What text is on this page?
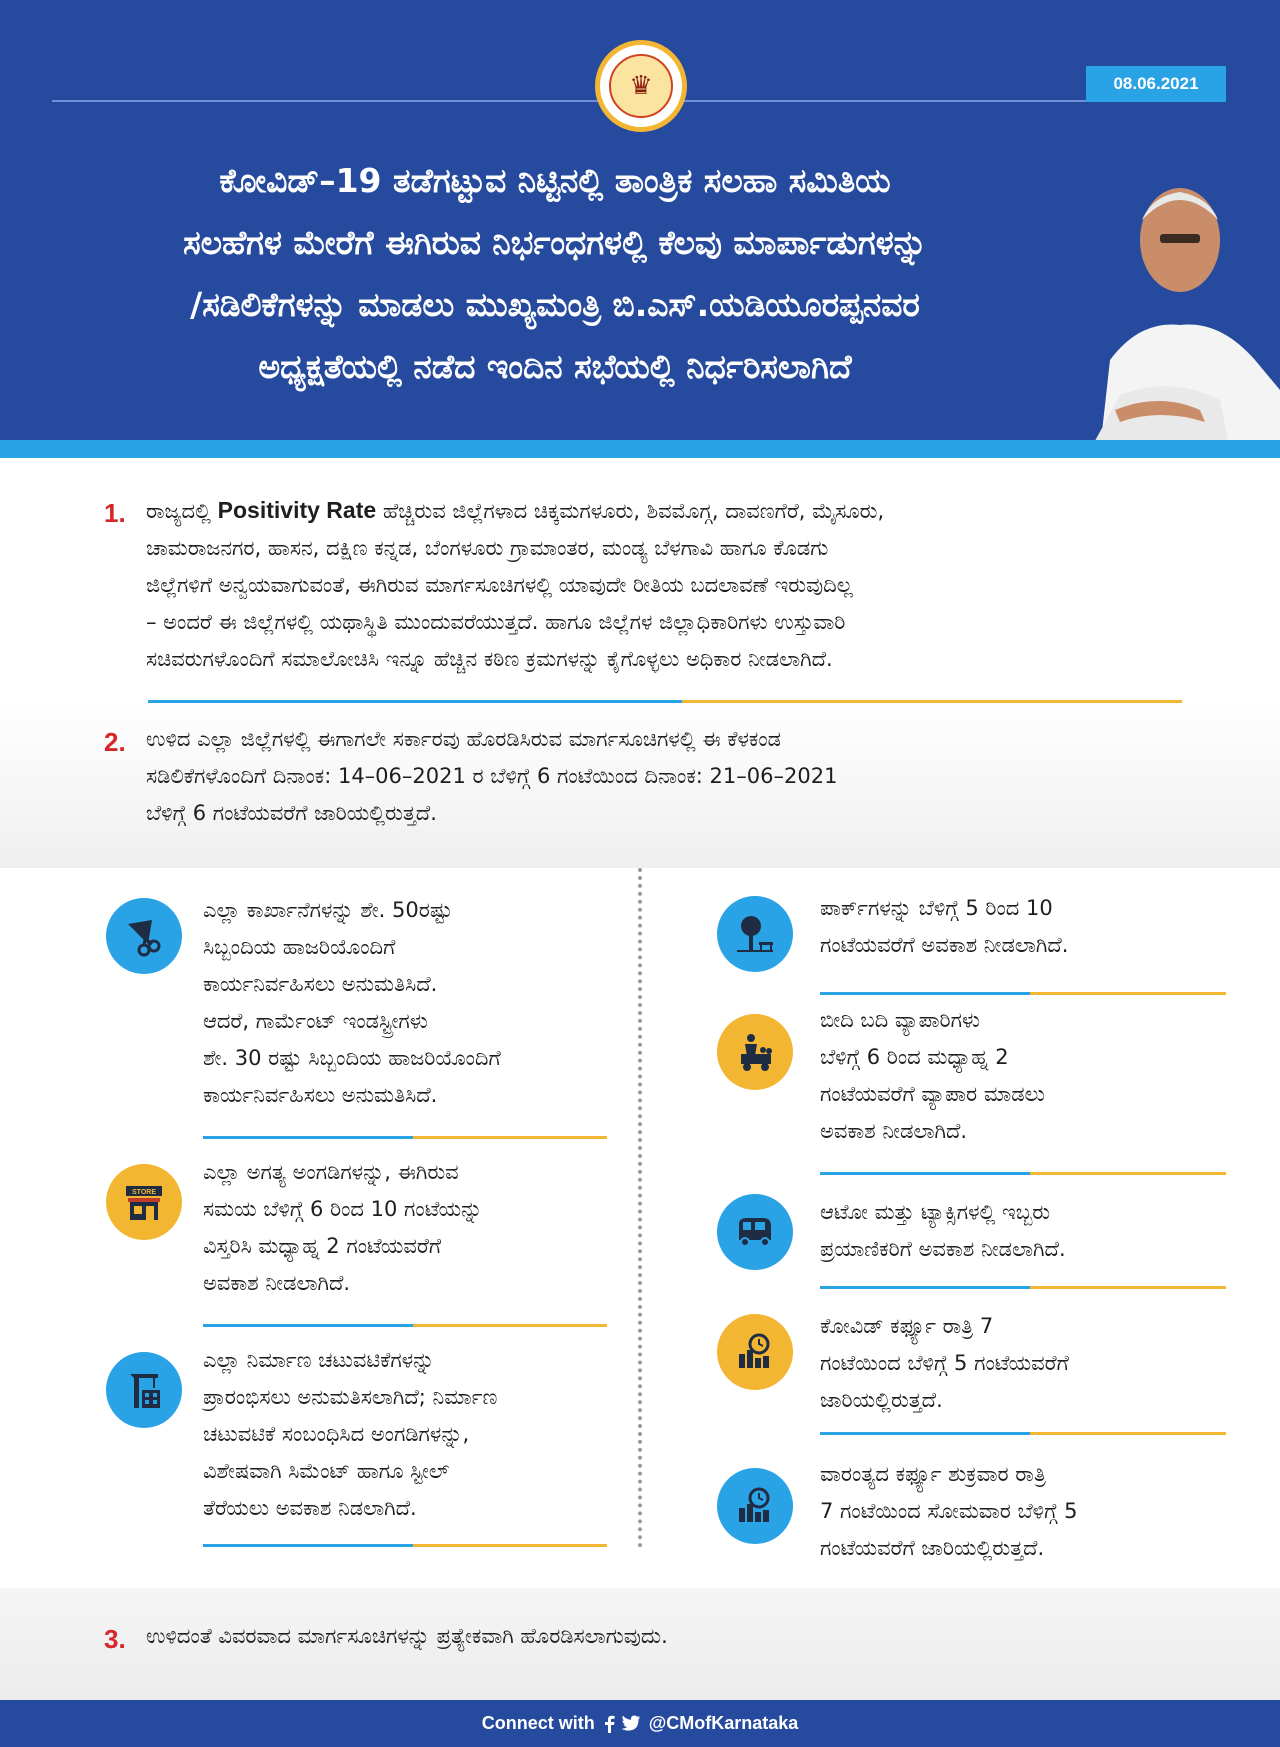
♛	08.06.2021
ಕೋವಿಡ್–19 ತಡೆಗಟ್ಟುವ ನಿಟ್ಟಿನಲ್ಲಿ ತಾಂತ್ರಿಕ ಸಲಹಾ ಸಮಿತಿಯ
ಸಲಹೆಗಳ ಮೇರೆಗೆ ಈಗಿರುವ ನಿರ್ಭಂಧಗಳಲ್ಲಿ ಕೆಲವು ಮಾರ್ಪಾಡುಗಳನ್ನು
/ಸಡಿಲಿಕೆಗಳನ್ನು ಮಾಡಲು ಮುಖ್ಯಮಂತ್ರಿ ಬಿ.ಎಸ್.ಯಡಿಯೂರಪ್ಪನವರ
ಅಧ್ಯಕ್ಷತೆಯಲ್ಲಿ ನಡೆದ ಇಂದಿನ ಸಭೆಯಲ್ಲಿ ನಿರ್ಧರಿಸಲಾಗಿದೆ
1. ರಾಜ್ಯದಲ್ಲಿ Positivity Rate ಹೆಚ್ಚಿರುವ ಜಿಲ್ಲೆಗಳಾದ ಚಿಕ್ಕಮಗಳೂರು, ಶಿವಮೊಗ್ಗ, ದಾವಣಗೆರೆ, ಮೈಸೂರು,
ಚಾಮರಾಜನಗರ, ಹಾಸನ, ದಕ್ಷಿಣ ಕನ್ನಡ, ಬೆಂಗಳೂರು ಗ್ರಾಮಾಂತರ, ಮಂಡ್ಯ ಬೆಳಗಾವಿ ಹಾಗೂ ಕೊಡಗು
ಜಿಲ್ಲೆಗಳಿಗೆ ಅನ್ವಯವಾಗುವಂತೆ, ಈಗಿರುವ ಮಾರ್ಗಸೂಚಿಗಳಲ್ಲಿ ಯಾವುದೇ ರೀತಿಯ ಬದಲಾವಣೆ ಇರುವುದಿಲ್ಲ
– ಅಂದರೆ ಈ ಜಿಲ್ಲೆಗಳಲ್ಲಿ ಯಥಾಸ್ಥಿತಿ ಮುಂದುವರೆಯುತ್ತದೆ. ಹಾಗೂ ಜಿಲ್ಲೆಗಳ ಜಿಲ್ಲಾಧಿಕಾರಿಗಳು ಉಸ್ತುವಾರಿ
ಸಚಿವರುಗಳೊಂದಿಗೆ ಸಮಾಲೋಚಿಸಿ ಇನ್ನೂ ಹೆಚ್ಚಿನ ಕಠಿಣ ಕ್ರಮಗಳನ್ನು ಕೈಗೊಳ್ಳಲು ಅಧಿಕಾರ ನೀಡಲಾಗಿದೆ.
2. ಉಳಿದ ಎಲ್ಲಾ ಜಿಲ್ಲೆಗಳಲ್ಲಿ ಈಗಾಗಲೇ ಸರ್ಕಾರವು ಹೊರಡಿಸಿರುವ ಮಾರ್ಗಸೂಚಿಗಳಲ್ಲಿ ಈ ಕೆಳಕಂಡ
ಸಡಿಲಿಕೆಗಳೊಂದಿಗೆ ದಿನಾಂಕ: 14–06–2021 ರ ಬೆಳಿಗ್ಗೆ 6 ಗಂಟೆಯಿಂದ ದಿನಾಂಕ: 21–06–2021
ಬೆಳಿಗ್ಗೆ 6 ಗಂಟೆಯವರೆಗೆ ಜಾರಿಯಲ್ಲಿರುತ್ತದೆ.
ಎಲ್ಲಾ ಕಾರ್ಖಾನೆಗಳನ್ನು ಶೇ. 50ರಷ್ಟು
ಸಿಬ್ಬಂದಿಯ ಹಾಜರಿಯೊಂದಿಗೆ
ಕಾರ್ಯನಿರ್ವಹಿಸಲು ಅನುಮತಿಸಿದೆ.
ಆದರೆ, ಗಾರ್ಮೆಂಟ್ ಇಂಡಸ್ಟ್ರೀಗಳು
ಶೇ. 30 ರಷ್ಟು ಸಿಬ್ಬಂದಿಯ ಹಾಜರಿಯೊಂದಿಗೆ
ಕಾರ್ಯನಿರ್ವಹಿಸಲು ಅನುಮತಿಸಿದೆ.
STORE
ಎಲ್ಲಾ ಅಗತ್ಯ ಅಂಗಡಿಗಳನ್ನು, ಈಗಿರುವ
ಸಮಯ ಬೆಳಿಗ್ಗೆ 6 ರಿಂದ 10 ಗಂಟೆಯನ್ನು
ವಿಸ್ತರಿಸಿ ಮಧ್ಯಾಹ್ನ 2 ಗಂಟೆಯವರೆಗೆ
ಅವಕಾಶ ನೀಡಲಾಗಿದೆ.
ಎಲ್ಲಾ ನಿರ್ಮಾಣ ಚಟುವಟಿಕೆಗಳನ್ನು
ಪ್ರಾರಂಭಿಸಲು ಅನುಮತಿಸಲಾಗಿದೆ; ನಿರ್ಮಾಣ
ಚಟುವಟಿಕೆ ಸಂಬಂಧಿಸಿದ ಅಂಗಡಿಗಳನ್ನು,
ವಿಶೇಷವಾಗಿ ಸಿಮೆಂಟ್ ಹಾಗೂ ಸ್ಟೀಲ್
ತೆರೆಯಲು ಅವಕಾಶ ನಿಡಲಾಗಿದೆ.
ಪಾರ್ಕ್‌ಗಳನ್ನು ಬೆಳಿಗ್ಗೆ 5 ರಿಂದ 10
ಗಂಟೆಯವರೆಗೆ ಅವಕಾಶ ನೀಡಲಾಗಿದೆ.
ಬೀದಿ ಬದಿ ವ್ಯಾಪಾರಿಗಳು
ಬೆಳಿಗ್ಗೆ 6 ರಿಂದ ಮಧ್ಯಾಹ್ನ 2
ಗಂಟೆಯವರೆಗೆ ವ್ಯಾಪಾರ ಮಾಡಲು
ಅವಕಾಶ ನೀಡಲಾಗಿದೆ.
ಆಟೋ ಮತ್ತು ಟ್ಯಾಕ್ಸಿಗಳಲ್ಲಿ ಇಬ್ಬರು
ಪ್ರಯಾಣಿಕರಿಗೆ ಅವಕಾಶ ನೀಡಲಾಗಿದೆ.
ಕೋವಿಡ್ ಕರ್ಫ್ಯೂ ರಾತ್ರಿ 7
ಗಂಟೆಯಿಂದ ಬೆಳಿಗ್ಗೆ 5 ಗಂಟೆಯವರೆಗೆ
ಜಾರಿಯಲ್ಲಿರುತ್ತದೆ.
ವಾರಂತ್ಯದ ಕರ್ಫ್ಯೂ ಶುಕ್ರವಾರ ರಾತ್ರಿ
7 ಗಂಟೆಯಿಂದ ಸೋಮವಾರ ಬೆಳಿಗ್ಗೆ 5
ಗಂಟೆಯವರೆಗೆ ಜಾರಿಯಲ್ಲಿರುತ್ತದೆ.
3. ಉಳಿದಂತೆ ವಿವರವಾದ ಮಾರ್ಗಸೂಚಿಗಳನ್ನು ಪ್ರತ್ಯೇಕವಾಗಿ ಹೊರಡಿಸಲಾಗುವುದು.
Connect with	@CMofKarnataka
